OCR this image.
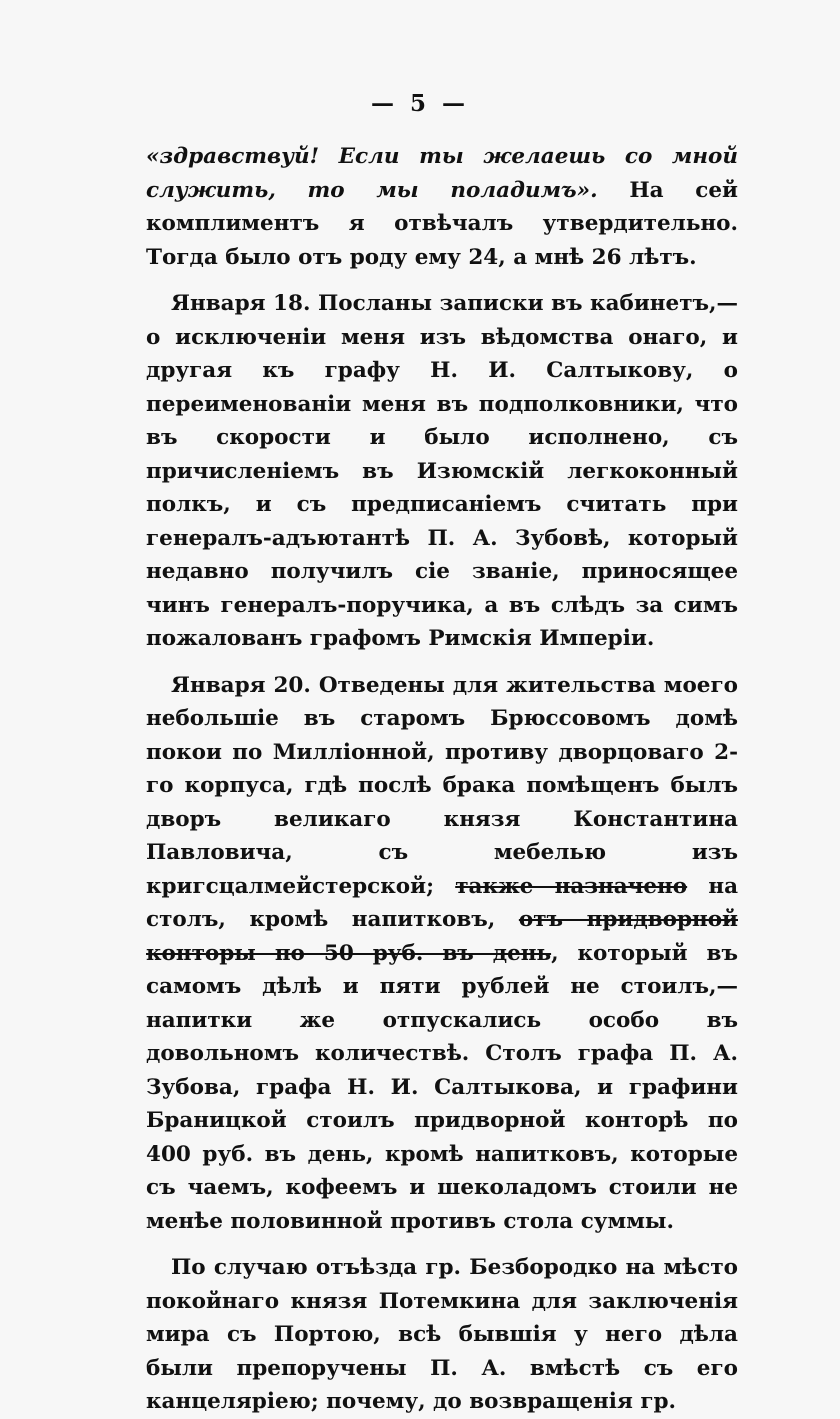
— 5 —

«здравствуй! Если ты желаешь со мной служить, то мы поладимъ». На сей комплиментъ я отвѣчалъ утвердительно. Тогда было отъ роду ему 24, а мнѣ 26 лѣтъ.

Января 18. Посланы записки въ кабинетъ,—о исключеніи меня изъ вѣдомства онаго, и другая къ графу Н. И. Салтыкову, о переименованіи меня въ подполковники, что въ скорости и было исполнено, съ причисленіемъ въ Изюмскій легкоконный полкъ, и съ предписаніемъ считать при генералъ-адъютантѣ П. А. Зубовѣ, который недавно получилъ сіе званіе, приносящее чинъ генералъ-поручика, а въ слѣдъ за симъ пожалованъ графомъ Римскія Имперіи.

Января 20. Отведены для жительства моего небольшіе въ старомъ Брюссовомъ домѣ покои по Милліонной, противу дворцоваго 2-го корпуса, гдѣ послѣ брака помѣщенъ былъ дворъ великаго князя Константина Павловича, съ мебелью изъ кригсцалмейстерской; также назначено на столъ, кромѣ напитковъ, отъ придворной конторы по 50 руб. въ день, который въ самомъ дѣлѣ и пяти рублей не стоилъ,—напитки же отпускались особо въ довольномъ количествѣ. Столъ графа П. А. Зубова, графа Н. И. Салтыкова, и графини Браницкой стоилъ придворной конторѣ по 400 руб. въ день, кромѣ напитковъ, которые съ чаемъ, кофеемъ и шеколадомъ стоили не менѣе половинной противъ стола суммы.

По случаю отъѣзда гр. Безбородко на мѣсто покойнаго князя Потемкина для заключенія мира съ Портою, всѣ бывшія у него дѣла были препоручены П. А. вмѣстѣ съ его канцеляріею; почему, до возвращенія гр.
